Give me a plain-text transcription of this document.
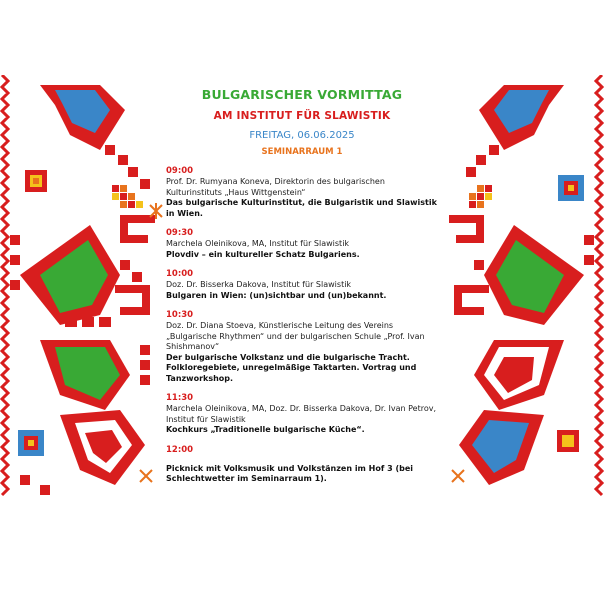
BULGARISCHER VORMITTAG
AM INSTITUT FÜR SLAWISTIK
FREITAG, 06.06.2025
SEMINARRAUM 1
09:00
Prof. Dr. Rumyana Koneva, Direktorin des bulgarischen Kulturinstituts „Haus Wittgenstein“
Das bulgarische Kulturinstitut, die Bulgaristik und Slawistik in Wien.
09:30
Marchela Oleinikova, MA, Institut für Slawistik
Plovdiv – ein kultureller Schatz Bulgariens.
10:00
Doz. Dr. Bisserka Dakova, Institut für Slawistik
Bulgaren in Wien: (un)sichtbar und (un)bekannt.
10:30
Doz. Dr. Diana Stoeva, Künstlerische Leitung des Vereins „Bulgarische Rhythmen“ und der bulgarischen Schule „Prof. Ivan Shishmanov“
Der bulgarische Volkstanz und die bulgarische Tracht. Folkloregebiete, unregelmäßige Taktarten. Vortrag und Tanzworkshop.
11:30
Marchela Oleinikova, MA, Doz. Dr. Bisserka Dakova, Dr. Ivan Petrov, Institut für Slawistik
Kochkurs „Traditionelle bulgarische Küche“.
12:00
Picknick mit Volksmusik und Volkstänzen im Hof 3 (bei Schlechtwetter im Seminarraum 1).
